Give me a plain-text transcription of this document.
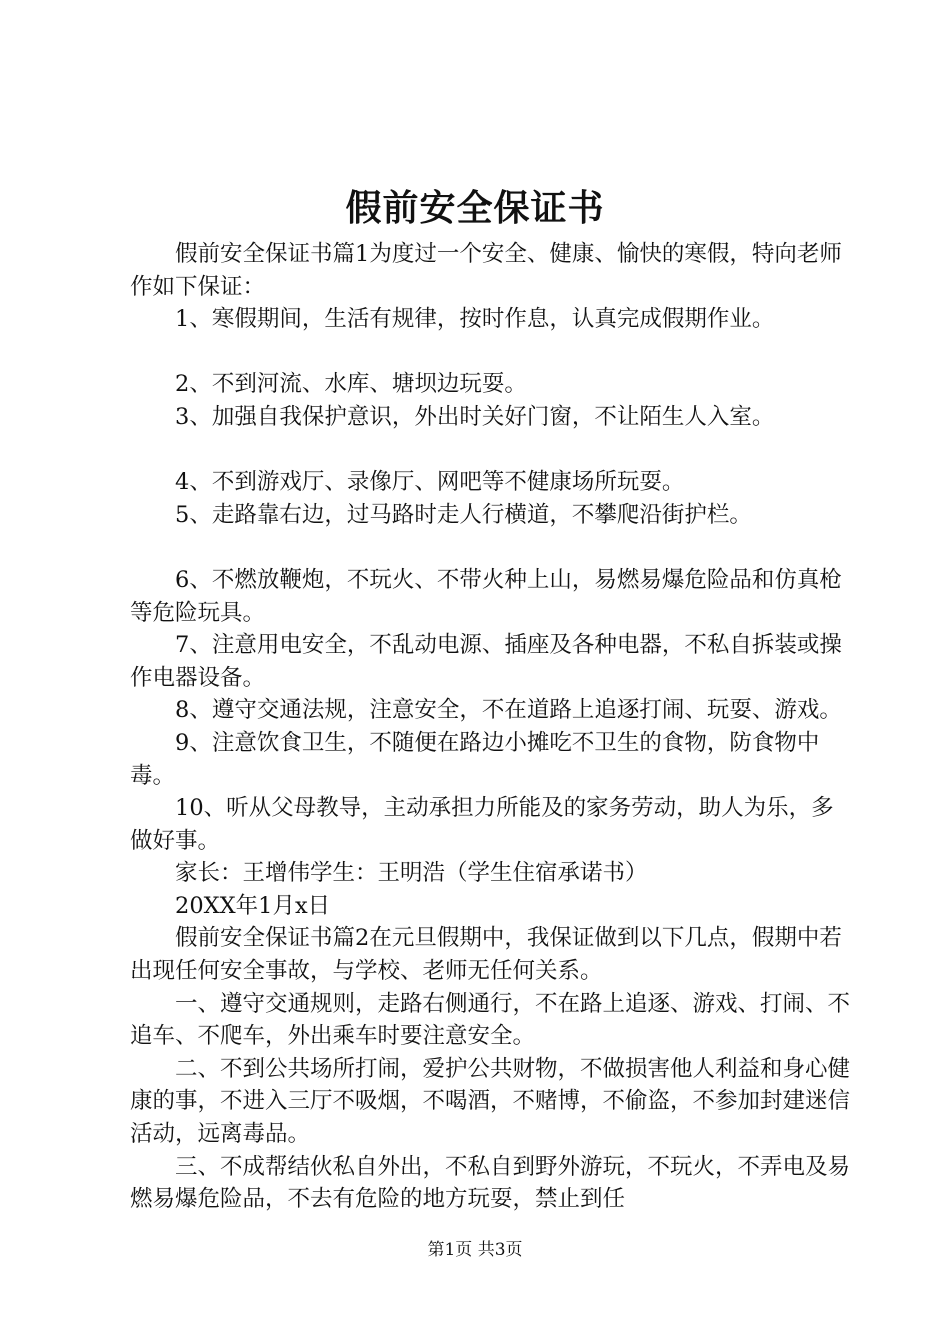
假前安全保证书

假前安全保证书篇1为度过一个安全、健康、愉快的寒假，特向老师作如下保证：

1、寒假期间，生活有规律，按时作息，认真完成假期作业。

2、不到河流、水库、塘坝边玩耍。

3、加强自我保护意识，外出时关好门窗，不让陌生人入室。

4、不到游戏厅、录像厅、网吧等不健康场所玩耍。

5、走路靠右边，过马路时走人行横道，不攀爬沿街护栏。

6、不燃放鞭炮，不玩火、不带火种上山，易燃易爆危险品和仿真枪等危险玩具。

7、注意用电安全，不乱动电源、插座及各种电器，不私自拆装或操作电器设备。

8、遵守交通法规，注意安全，不在道路上追逐打闹、玩耍、游戏。

9、注意饮食卫生，不随便在路边小摊吃不卫生的食物，防食物中毒。

10、听从父母教导，主动承担力所能及的家务劳动，助人为乐，多做好事。

家长：王增伟学生：王明浩（学生住宿承诺书）

20XX年1月x日

假前安全保证书篇2在元旦假期中，我保证做到以下几点，假期中若出现任何安全事故，与学校、老师无任何关系。

一、遵守交通规则，走路右侧通行，不在路上追逐、游戏、打闹、不追车、不爬车，外出乘车时要注意安全。

二、不到公共场所打闹，爱护公共财物，不做损害他人利益和身心健康的事，不进入三厅不吸烟，不喝酒，不赌博，不偷盗，不参加封建迷信活动，远离毒品。

三、不成帮结伙私自外出，不私自到野外游玩，不玩火，不弄电及易燃易爆危险品，不去有危险的地方玩耍，禁止到任

第1页 共3页
